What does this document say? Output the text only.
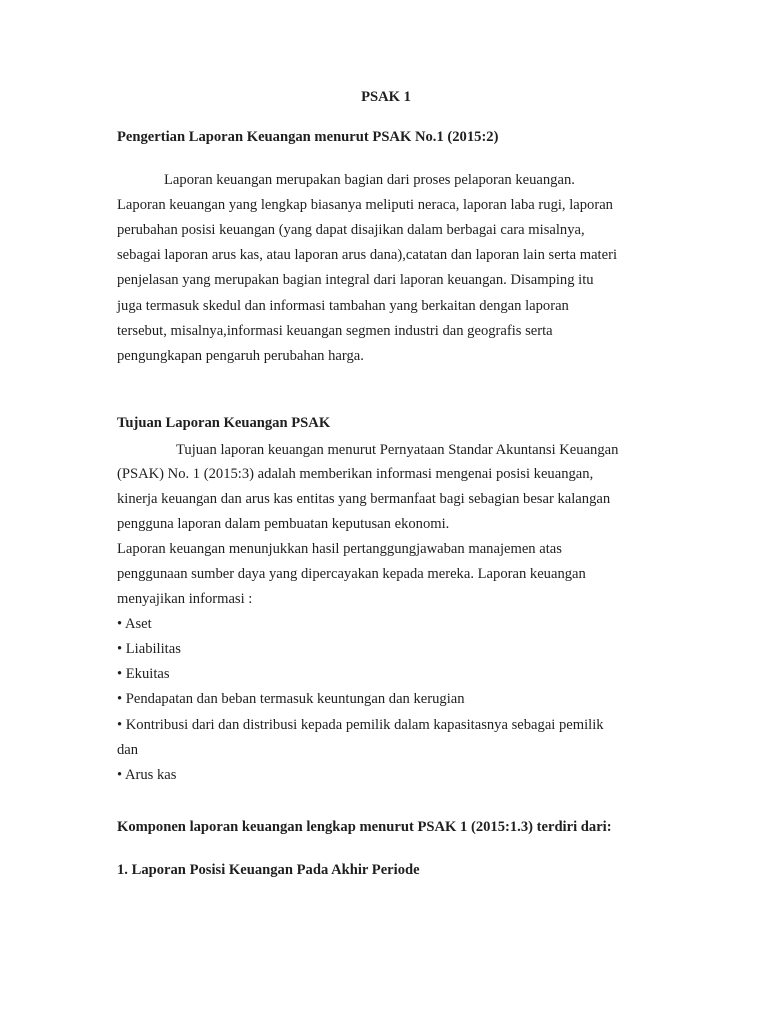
PSAK 1
Pengertian Laporan Keuangan menurut PSAK No.1 (2015:2)
Laporan keuangan merupakan bagian dari proses pelaporan keuangan.
Laporan keuangan yang lengkap biasanya meliputi neraca, laporan laba rugi, laporan
perubahan posisi keuangan (yang dapat disajikan dalam berbagai cara misalnya,
sebagai laporan arus kas, atau laporan arus dana),catatan dan laporan lain serta materi
penjelasan yang merupakan bagian integral dari laporan keuangan. Disamping itu
juga termasuk skedul dan informasi tambahan yang berkaitan dengan laporan
tersebut, misalnya,informasi keuangan segmen industri dan geografis serta
pengungkapan pengaruh perubahan harga.
Tujuan Laporan Keuangan PSAK
Tujuan laporan keuangan menurut Pernyataan Standar Akuntansi Keuangan
(PSAK) No. 1 (2015:3) adalah memberikan informasi mengenai posisi keuangan,
kinerja keuangan dan arus kas entitas yang bermanfaat bagi sebagian besar kalangan
pengguna laporan dalam pembuatan keputusan ekonomi.
Laporan keuangan menunjukkan hasil pertanggungjawaban manajemen atas
penggunaan sumber daya yang dipercayakan kepada mereka. Laporan keuangan
menyajikan informasi :
• Aset
• Liabilitas
• Ekuitas
• Pendapatan dan beban termasuk keuntungan dan kerugian
• Kontribusi dari dan distribusi kepada pemilik dalam kapasitasnya sebagai pemilik
dan
• Arus kas
Komponen laporan keuangan lengkap menurut PSAK 1 (2015:1.3) terdiri dari:
1. Laporan Posisi Keuangan Pada Akhir Periode
